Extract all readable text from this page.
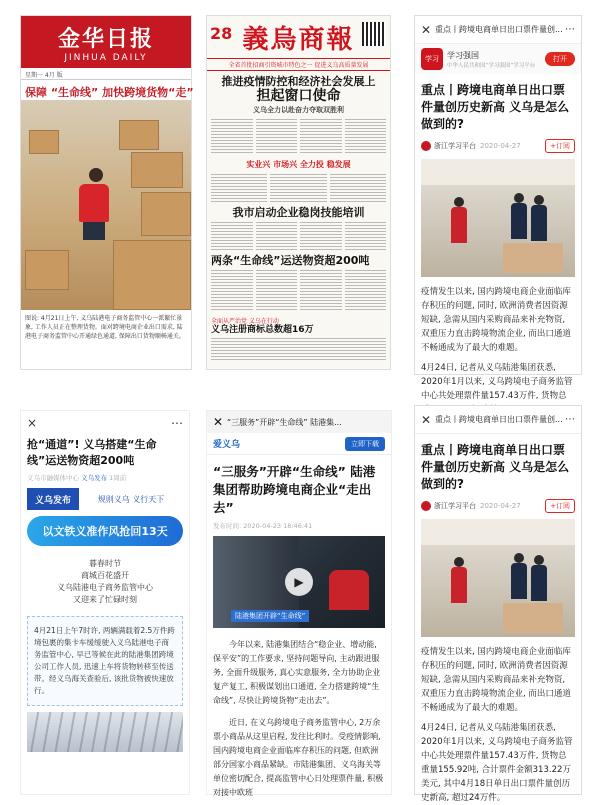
金华日报
JINHUA DAILY
星期一 4月 版
保障 “生命线” 加快跨境货物“走”
图说: 4月21日上午, 义乌陆港电子商务监管中心一派繁忙景象, 工作人员正在整理货物。面对跨境电商企业出口需求, 陆港电子商务监管中心开通绿色通道, 保障出口货物顺畅通关。
28 義烏商報
全省首批招商引资城市特色之一 促进义乌高质量发展
推进疫情防控和经济社会发展上
担起窗口使命
义乌全力以赴奋力夺取双胜利
实业兴 市场兴 全力投 稳发展
我市启动企业稳岗技能培训
两条“生命线”运送物资超200吨
全面从严治党 义乌在行动
义乌注册商标总数超16万
✕ 重点丨跨境电商单日出口票件量创... ⋯
学习	学习强国
中华人民共和国“学习强国”学习平台
打开
重点丨跨境电商单日出口票件量创历史新高 义乌是怎么做到的?
浙江学习平台 2020-04-27	+订阅

疫情发生以来, 国内跨境电商企业面临库存积压的问题, 同时, 欧洲消费者因资源短缺, 急需从国内采购商品来补充物资, 双重压力直击跨境物流企业, 而出口通道不畅通成为了最大的难题。

4月24日, 记者从义乌陆港集团获悉, 2020年1月以来, 义乌跨境电子商务监管中心共处理票件量157.43万件, 货物总

×	⋯
抢“通道”! 义乌搭建“生命线”运送物资超200吨
义乌市融媒体中心 义乌发布 1周前
义乌发布	规则义乌 义行天下
以文铁义准作风抢回13天
暮春时节
商城百花盛开
义乌陆港电子商务监管中心
又迎来了忙碌时刻
4月21日上午7时许, 两辆满载着2.5万件跨境包裹的集卡车缓缓驶入义乌陆港电子商务监管中心, 早已等候在此的陆港集团跨境公司工作人员, 迅速上车将货物转移至传送带。经义乌海关查验后, 该批货物被快速放行。
✕ “三服务”开辟“生命线” 陆港集...
爱义乌	立即下载
“三服务”开辟“生命线” 陆港集团帮助跨境电商企业“走出去”
发布时间: 2020-04-23 18:46:41
▶
陆港集团开辟“生命线”

今年以来, 陆港集团结合“稳企业、增动能, 保平安”的工作要求, 坚持问题导向, 主动跟进服务, 全面升级服务, 真心实意服务, 全力协助企业复产复工, 积极谋划出口通道, 全力搭建跨境“生命线”, 尽快让跨境货物“走出去”。

近日, 在义乌跨境电子商务监管中心, 2万余票小商品从这里启程, 发往比利时。受疫情影响, 国内跨境电商企业面临库存积压的问题, 但欧洲部分国家小商品紧缺。市陆港集团、义乌海关等单位密切配合, 提高监管中心日处理票件量, 积极对接中欧班

✕ 重点丨跨境电商单日出口票件量创... ⋯
重点丨跨境电商单日出口票件量创历史新高 义乌是怎么做到的?
浙江学习平台 2020-04-27	+订阅

疫情发生以来, 国内跨境电商企业面临库存积压的问题, 同时, 欧洲消费者因资源短缺, 急需从国内采购商品来补充物资, 双重压力直击跨境物流企业, 而出口通道不畅通成为了最大的难题。

4月24日, 记者从义乌陆港集团获悉, 2020年1月以来, 义乌跨境电子商务监管中心共处理票件量157.43万件, 货物总重量155.92吨, 合计票件金额313.22万美元, 其中4月18日单日出口票件量创历史新高, 超过24万件。
